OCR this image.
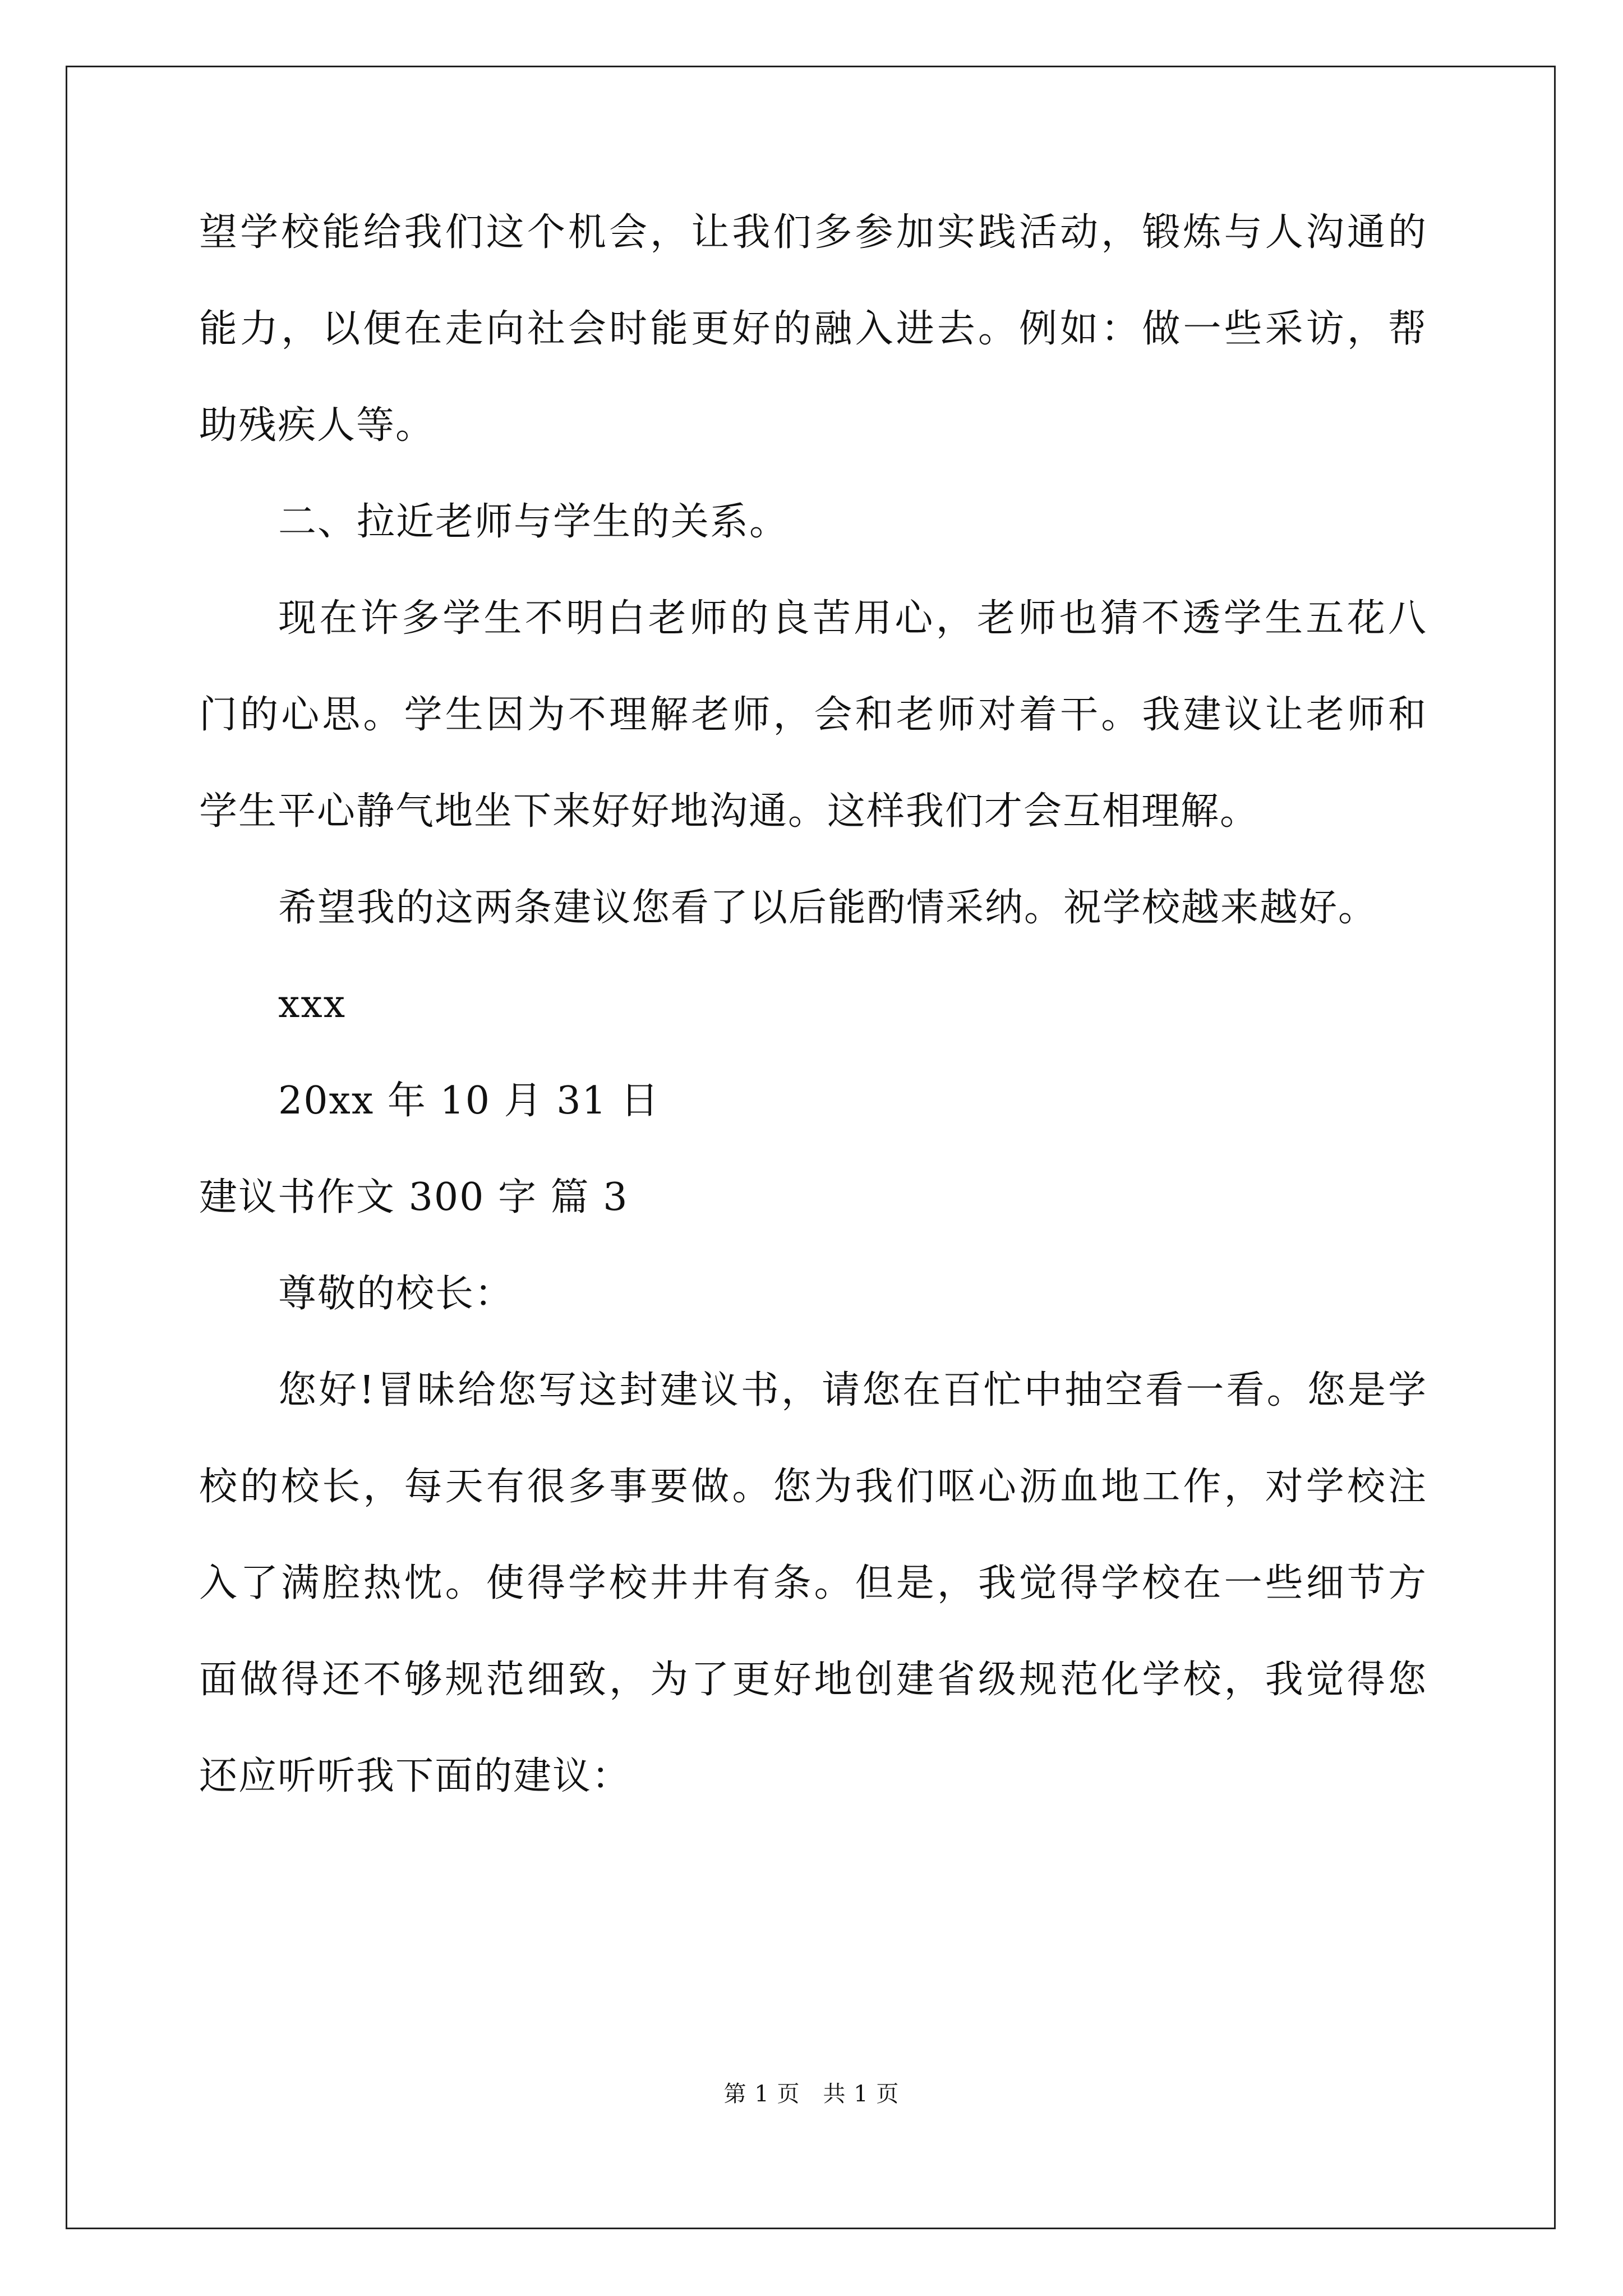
望学校能给我们这个机会，让我们多参加实践活动，锻炼与人沟通的
能力，以便在走向社会时能更好的融入进去。例如：做一些采访，帮
助残疾人等。
二、拉近老师与学生的关系。
现在许多学生不明白老师的良苦用心，老师也猜不透学生五花八
门的心思。学生因为不理解老师，会和老师对着干。我建议让老师和
学生平心静气地坐下来好好地沟通。这样我们才会互相理解。
希望我的这两条建议您看了以后能酌情采纳。祝学校越来越好。
xxx
20xx 年 10 月 31 日
建议书作文 300 字 篇 3
尊敬的校长：
您好!冒昧给您写这封建议书，请您在百忙中抽空看一看。您是学
校的校长，每天有很多事要做。您为我们呕心沥血地工作，对学校注
入了满腔热忱。使得学校井井有条。但是，我觉得学校在一些细节方
面做得还不够规范细致，为了更好地创建省级规范化学校，我觉得您
还应听听我下面的建议：
第 1 页　共 1 页
